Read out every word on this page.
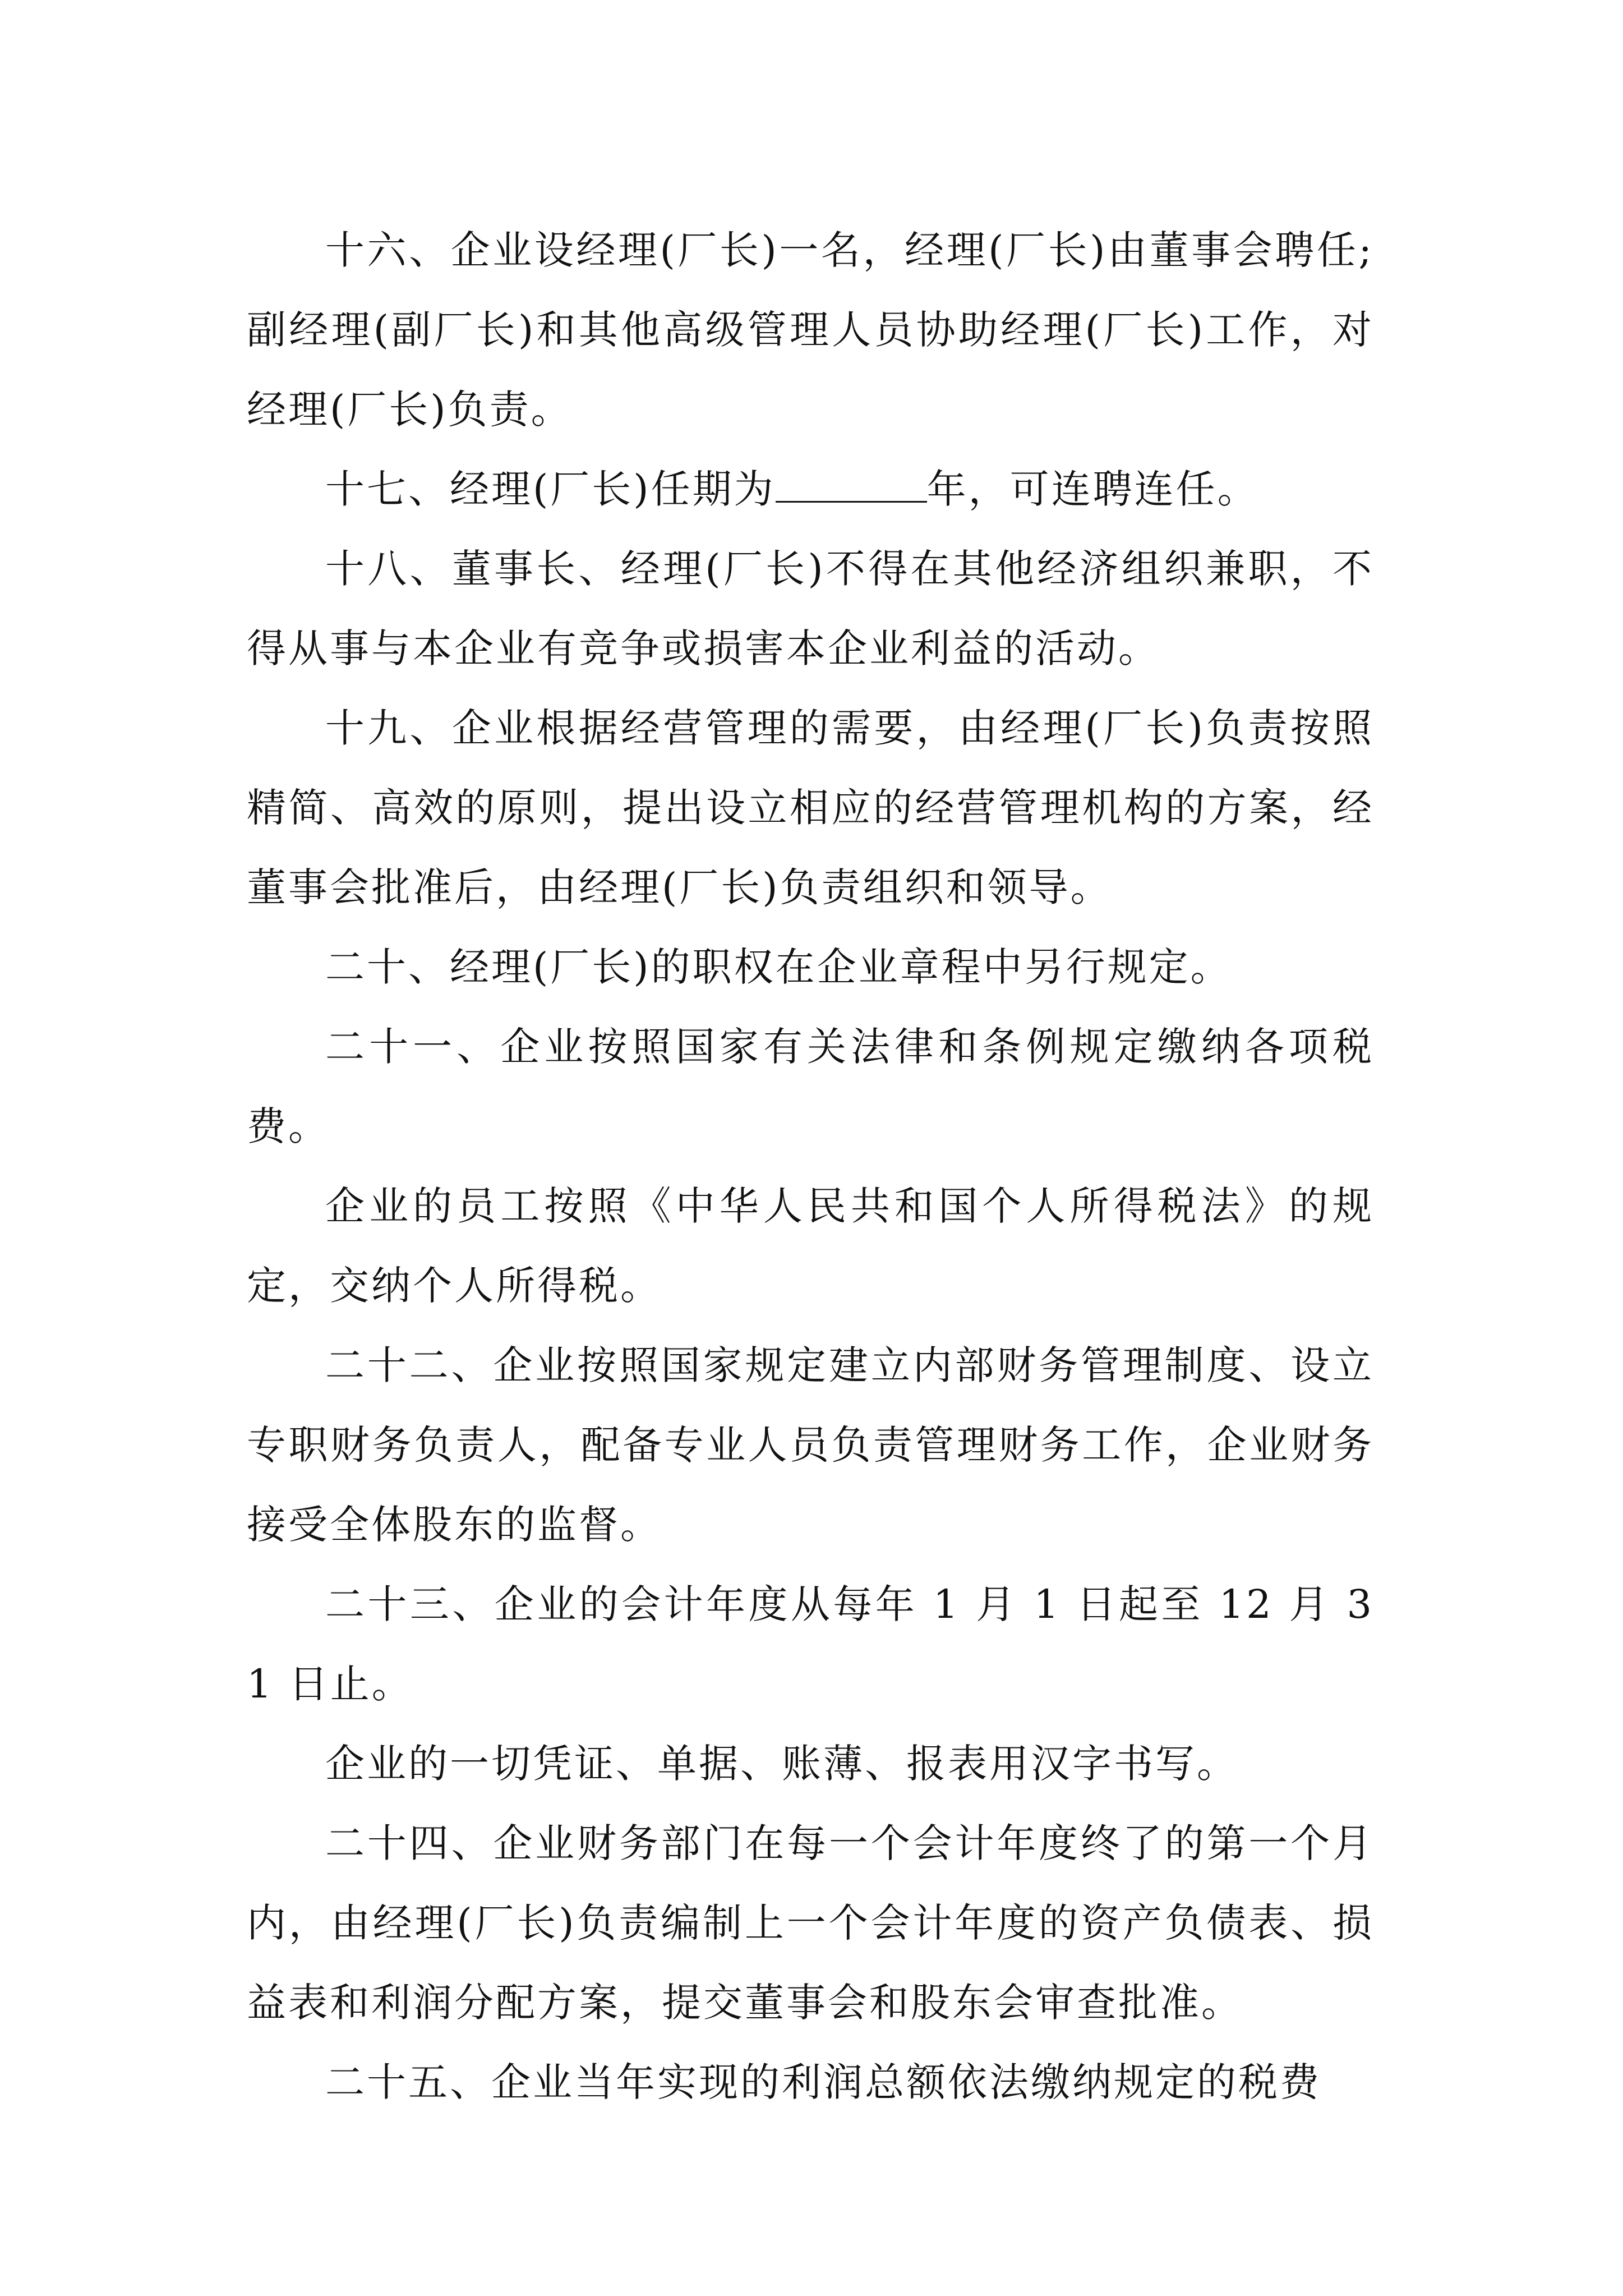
十六、企业设经理(厂长)一名，经理(厂长)由董事会聘任;副经理(副厂长)和其他高级管理人员协助经理(厂长)工作，对经理(厂长)负责。

十七、经理(厂长)任期为	年，可连聘连任。

十八、董事长、经理(厂长)不得在其他经济组织兼职，不得从事与本企业有竞争或损害本企业利益的活动。

十九、企业根据经营管理的需要，由经理(厂长)负责按照精简、高效的原则，提出设立相应的经营管理机构的方案，经董事会批准后，由经理(厂长)负责组织和领导。

二十、经理(厂长)的职权在企业章程中另行规定。

二十一、企业按照国家有关法律和条例规定缴纳各项税费。

企业的员工按照《中华人民共和国个人所得税法》的规定，交纳个人所得税。

二十二、企业按照国家规定建立内部财务管理制度、设立专职财务负责人，配备专业人员负责管理财务工作，企业财务接受全体股东的监督。

二十三、企业的会计年度从每年 1 月 1 日起至 12 月 31 日止。

企业的一切凭证、单据、账薄、报表用汉字书写。

二十四、企业财务部门在每一个会计年度终了的第一个月内，由经理(厂长)负责编制上一个会计年度的资产负债表、损益表和利润分配方案，提交董事会和股东会审查批准。

二十五、企业当年实现的利润总额依法缴纳规定的税费
